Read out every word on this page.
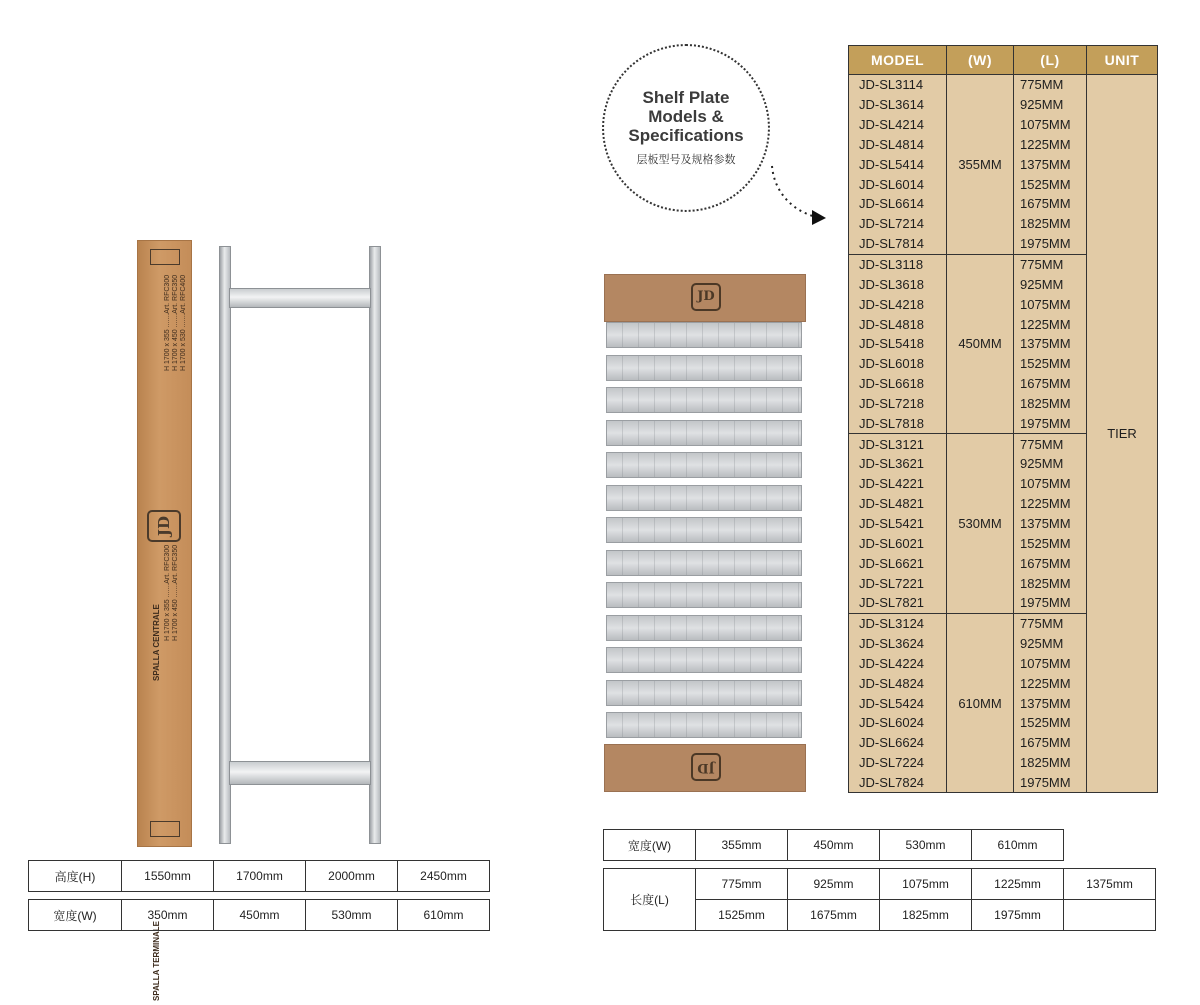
SPALLA CENTRALE
H 1700 x 355 .......Art. RFC300 H 1700 x 450 .......Art. RFC350 H 1700 x 530 .......Art. RFC400
JD
SPALLA TERMINALE
H 1700 x 355 .......Art. RFC300 H 1700 x 450 .......Art. RFC350
Shelf Plate
Models &
Specifications
层板型号及规格参数
JD
JD
MODEL	(W)	(L)	UNIT
JD-SL3114	355MM	775MM	TIER
JD-SL3614		925MM	
JD-SL4214		1075MM	
JD-SL4814		1225MM	
JD-SL5414		1375MM	
JD-SL6014		1525MM	
JD-SL6614		1675MM	
JD-SL7214		1825MM	
JD-SL7814		1975MM	
JD-SL3118	450MM	775MM	
JD-SL3618		925MM	
JD-SL4218		1075MM	
JD-SL4818		1225MM	
JD-SL5418		1375MM	
JD-SL6018		1525MM	
JD-SL6618		1675MM	
JD-SL7218		1825MM	
JD-SL7818		1975MM	
JD-SL3121	530MM	775MM	
JD-SL3621		925MM	
JD-SL4221		1075MM	
JD-SL4821		1225MM	
JD-SL5421		1375MM	
JD-SL6021		1525MM	
JD-SL6621		1675MM	
JD-SL7221		1825MM	
JD-SL7821		1975MM	
JD-SL3124	610MM	775MM	
JD-SL3624		925MM	
JD-SL4224		1075MM	
JD-SL4824		1225MM	
JD-SL5424		1375MM	
JD-SL6024		1525MM	
JD-SL6624		1675MM	
JD-SL7224		1825MM	
JD-SL7824		1975MM	
高度(H)	1550mm	1700mm	2000mm	2450mm
宽度(W)	350mm	450mm	530mm	610mm
宽度(W)	355mm	450mm	530mm	610mm
长度(L)	775mm	925mm	1075mm	1225mm	1375mm
	1525mm	1675mm	1825mm	1975mm	
